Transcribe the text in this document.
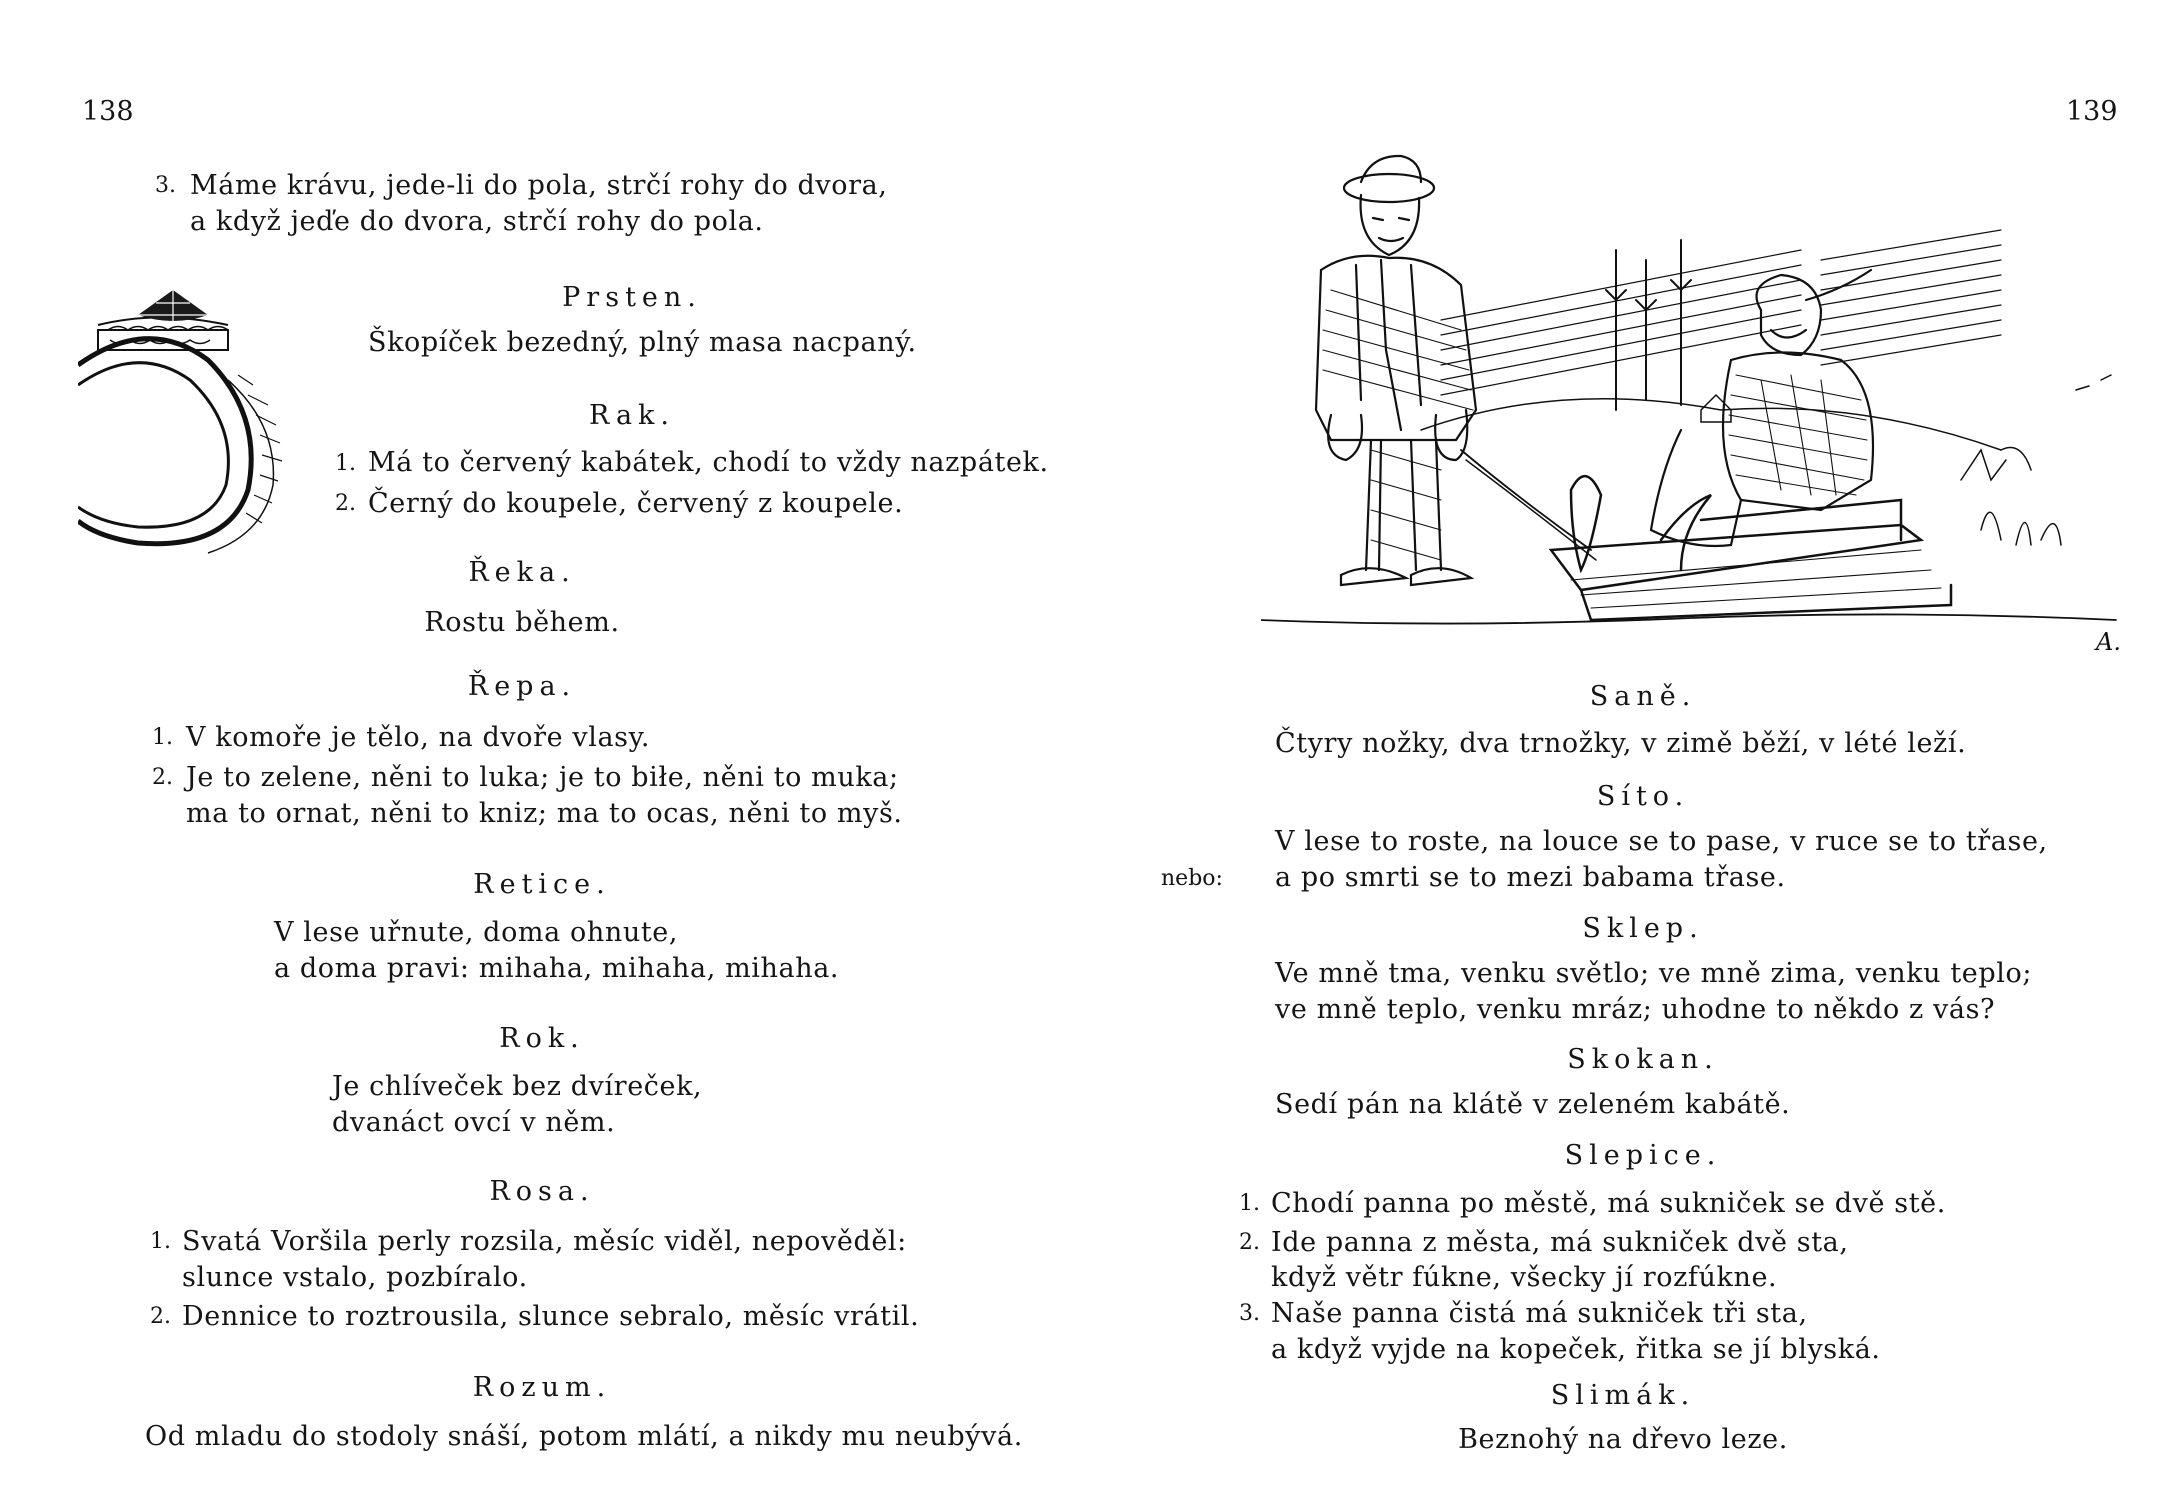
138
3. Máme krávu, jede-li do pola, strčí rohy do dvora,
a když jeďe do dvora, strčí rohy do pola.
Prsten.
Škopíček bezedný, plný masa nacpaný.
Rak.
1. Má to červený kabátek, chodí to vždy nazpátek.
2. Černý do koupele, červený z koupele.
Řeka.
Rostu během.
Řepa.
1. V komoře je tělo, na dvoře vlasy.
2. Je to zelene, něni to luka; je to biłe, něni to muka;
ma to ornat, něni to kniz; ma to ocas, něni to myš.
Retice.
V lese uřnute, doma ohnute,
a doma pravi: mihaha, mihaha, mihaha.
Rok.
Je chlíveček bez dvíreček,
dvanáct ovcí v něm.
Rosa.
1. Svatá Voršila perly rozsila, měsíc viděl, nepověděl:
slunce vstalo, pozbíralo.
2. Dennice to roztrousila, slunce sebralo, měsíc vrátil.
Rozum.
Od mladu do stodoly snáší, potom mlátí, a nikdy mu neubývá.
139
A.
Saně.
Čtyry nožky, dva trnožky, v zimě běží, v lété leží.
Síto.
V lese to roste, na louce se to pase, v ruce se to třase,
nebo: a po smrti se to mezi babama třase.
Sklep.
Ve mně tma, venku světlo; ve mně zima, venku teplo;
ve mně teplo, venku mráz; uhodne to někdo z vás?
Skokan.
Sedí pán na klátě v zeleném kabátě.
Slepice.
1. Chodí panna po městě, má sukniček se dvě stě.
2. Ide panna z města, má sukniček dvě sta,
když větr fúkne, všecky jí rozfúkne.
3. Naše panna čistá má sukniček tři sta,
a když vyjde na kopeček, řitka se jí blyská.
Slimák.
Beznohý na dřevo leze.
